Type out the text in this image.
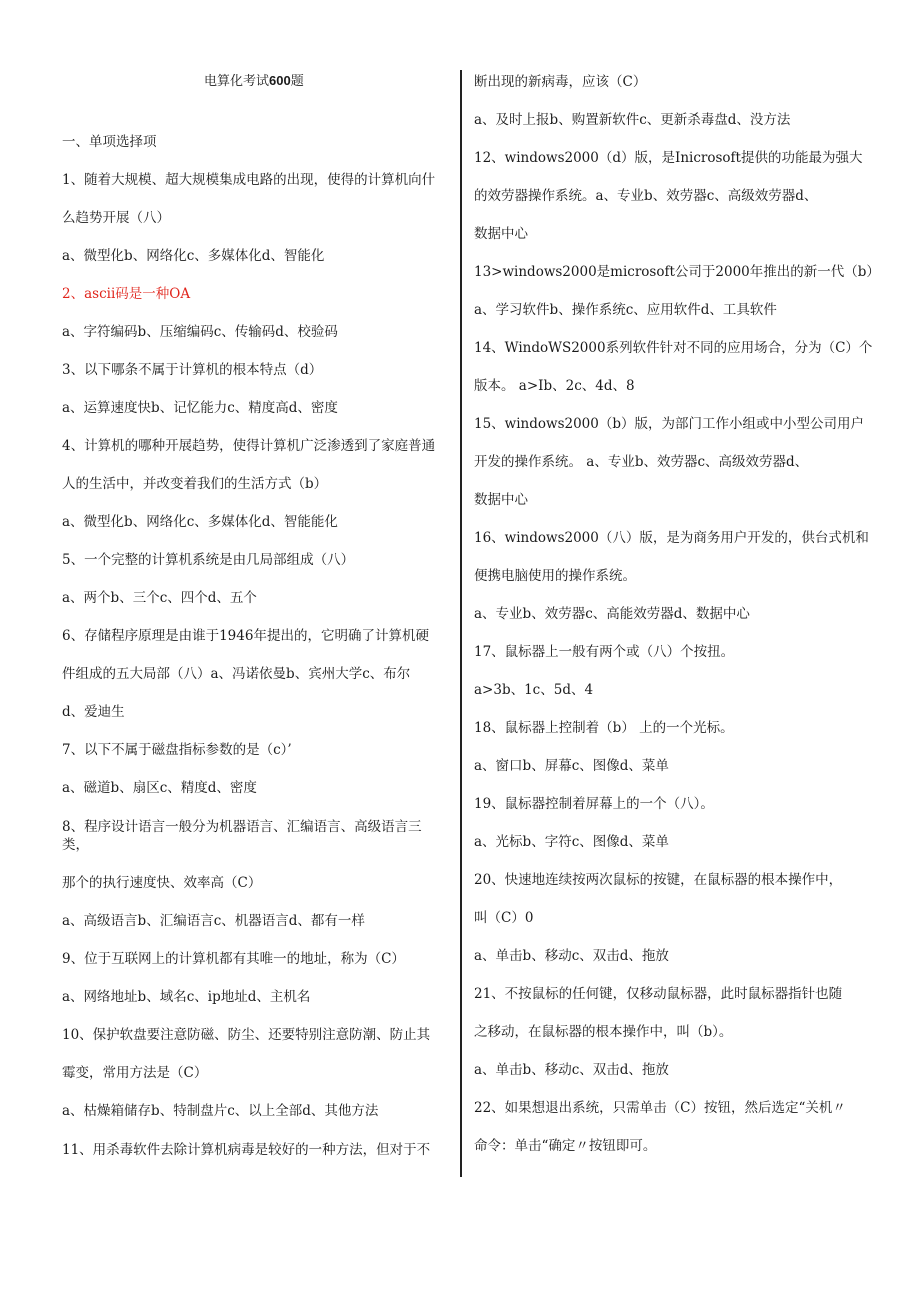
电算化考试600题
一、单项选择项
1、随着大规模、超大规模集成电路的出现，使得的计算机向什
么趋势开展（八）
a、微型化b、网络化c、多媒体化d、智能化
2、ascii码是一种OA
a、字符编码b、压缩编码c、传输码d、校验码
3、以下哪条不属于计算机的根本特点（d）
a、运算速度快b、记忆能力c、精度高d、密度
4、计算机的哪种开展趋势，使得计算机广泛渗透到了家庭普通
人的生活中，并改变着我们的生活方式（b）
a、微型化b、网络化c、多媒体化d、智能能化
5、一个完整的计算机系统是由几局部组成（八）
a、两个b、三个c、四个d、五个
6、存储程序原理是由谁于1946年提出的，它明确了计算机硬
件组成的五大局部（八）a、冯诺依曼b、宾州大学c、布尔
d、爱迪生
7、以下不属于磁盘指标参数的是（c）’
a、磁道b、扇区c、精度d、密度
8、程序设计语言一般分为机器语言、汇编语言、高级语言三
类，
那个的执行速度快、效率高（C）
a、高级语言b、汇编语言c、机器语言d、都有一样
9、位于互联网上的计算机都有其唯一的地址，称为（C）
a、网络地址b、域名c、ip地址d、主机名
10、保护软盘要注意防磁、防尘、还要特别注意防潮、防止其
霉变，常用方法是（C）
a、枯燥箱储存b、特制盘片c、以上全部d、其他方法
11、用杀毒软件去除计算机病毒是较好的一种方法，但对于不
断出现的新病毒，应该（C）
a、及时上报b、购置新软件c、更新杀毒盘d、没方法
12、windows2000（d）版，是Inicrosoft提供的功能最为强大
的效劳器操作系统。a、专业b、效劳器c、高级效劳器d、
数据中心
13>windows2000是microsoft公司于2000年推出的新一代（b）
a、学习软件b、操作系统c、应用软件d、工具软件
14、WindoWS2000系列软件针对不同的应用场合，分为（C）个
版本。 a>Ib、2c、4d、8
15、windows2000（b）版，为部门工作小组或中小型公司用户
开发的操作系统。 a、专业b、效劳器c、高级效劳器d、
数据中心
16、windows2000（八）版，是为商务用户开发的，供台式机和
便携电脑使用的操作系统。
a、专业b、效劳器c、高能效劳器d、数据中心
17、鼠标器上一般有两个或（八）个按扭。
a>3b、1c、5d、4
18、鼠标器上控制着（b） 上的一个光标。
a、窗口b、屏幕c、图像d、菜单
19、鼠标器控制着屏幕上的一个（八）。
a、光标b、字符c、图像d、菜单
20、快速地连续按两次鼠标的按键，在鼠标器的根本操作中，
叫（C）0
a、单击b、移动c、双击d、拖放
21、不按鼠标的任何键，仅移动鼠标器，此时鼠标器指针也随
之移动，在鼠标器的根本操作中，叫（b）。
a、单击b、移动c、双击d、拖放
22、如果想退出系统，只需单击（C）按钮，然后选定“关机〃
命令：单击“确定〃按钮即可。
